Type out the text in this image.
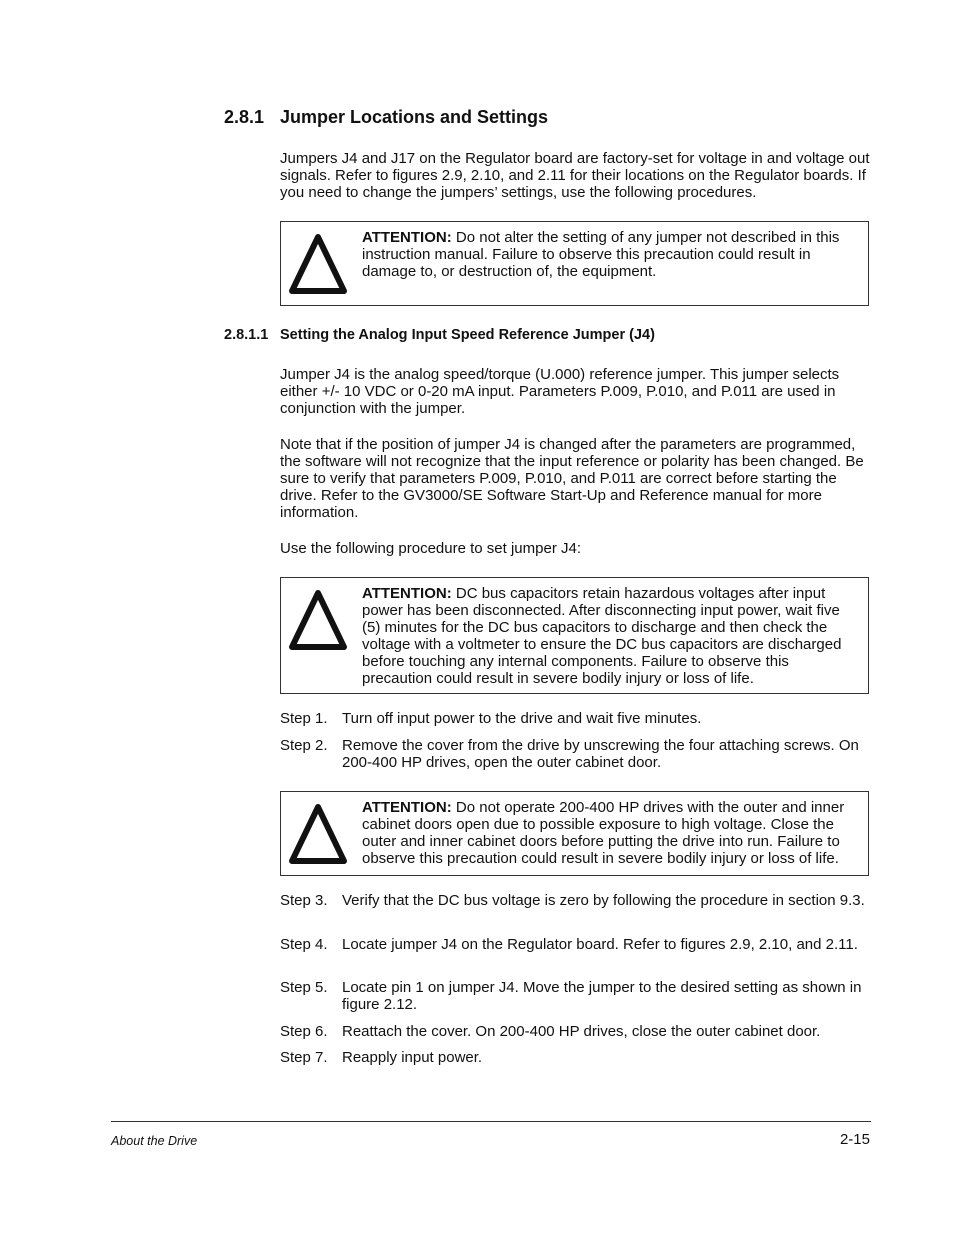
2.8.1 Jumper Locations and Settings
Jumpers J4 and J17 on the Regulator board are factory-set for voltage in and voltage out signals. Refer to figures 2.9, 2.10, and 2.11 for their locations on the Regulator boards. If you need to change the jumpers’ settings, use the following procedures.
ATTENTION: Do not alter the setting of any jumper not described in this instruction manual. Failure to observe this precaution could result in damage to, or destruction of, the equipment.
2.8.1.1 Setting the Analog Input Speed Reference Jumper (J4)
Jumper J4 is the analog speed/torque (U.000) reference jumper. This jumper selects either +/- 10 VDC or 0-20 mA input. Parameters P.009, P.010, and P.011 are used in conjunction with the jumper.
Note that if the position of jumper J4 is changed after the parameters are programmed, the software will not recognize that the input reference or polarity has been changed. Be sure to verify that parameters P.009, P.010, and P.011 are correct before starting the drive. Refer to the GV3000/SE Software Start-Up and Reference manual for more information.
Use the following procedure to set jumper J4:
ATTENTION: DC bus capacitors retain hazardous voltages after input power has been disconnected. After disconnecting input power, wait five (5) minutes for the DC bus capacitors to discharge and then check the voltage with a voltmeter to ensure the DC bus capacitors are discharged before touching any internal components. Failure to observe this precaution could result in severe bodily injury or loss of life.
Step 1. Turn off input power to the drive and wait five minutes.
Step 2. Remove the cover from the drive by unscrewing the four attaching screws. On 200-400 HP drives, open the outer cabinet door.
ATTENTION: Do not operate 200-400 HP drives with the outer and inner cabinet doors open due to possible exposure to high voltage. Close the outer and inner cabinet doors before putting the drive into run. Failure to observe this precaution could result in severe bodily injury or loss of life.
Step 3. Verify that the DC bus voltage is zero by following the procedure in section 9.3.
Step 4. Locate jumper J4 on the Regulator board. Refer to figures 2.9, 2.10, and 2.11.
Step 5. Locate pin 1 on jumper J4. Move the jumper to the desired setting as shown in figure 2.12.
Step 6. Reattach the cover. On 200-400 HP drives, close the outer cabinet door.
Step 7. Reapply input power.
About the Drive	2-15
